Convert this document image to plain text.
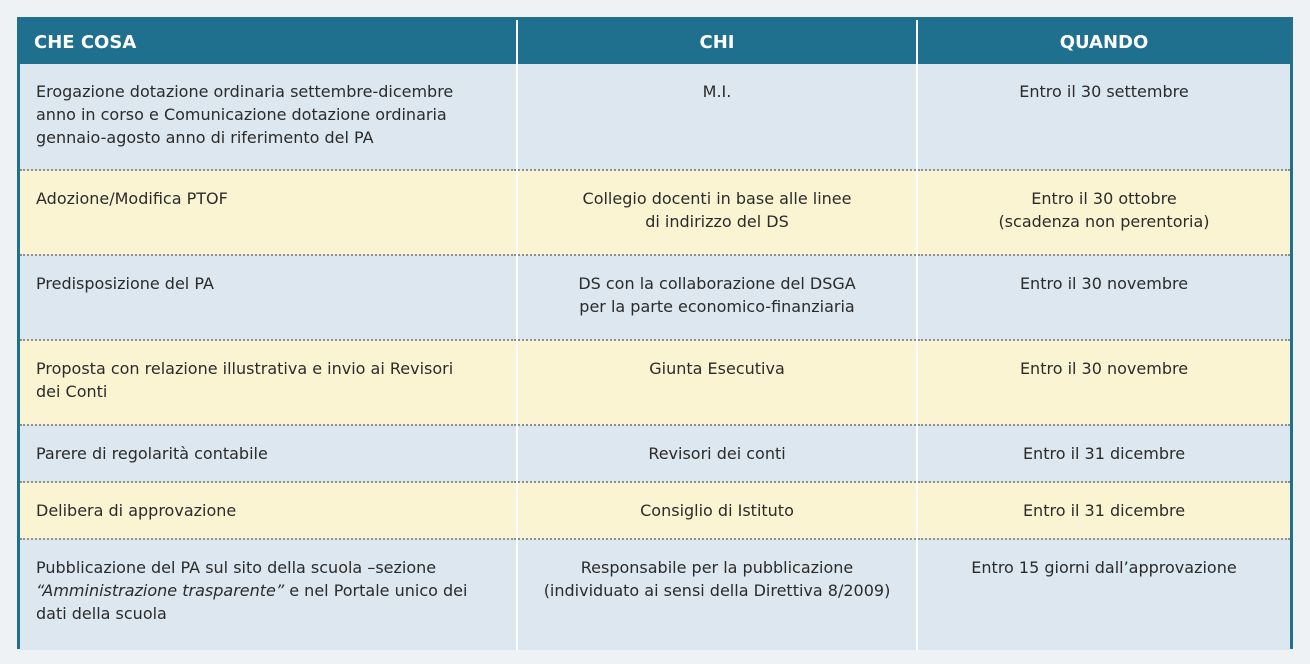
CHE COSA	CHI	QUANDO

Erogazione dotazione ordinaria settembre-dicembre
anno in corso e Comunicazione dotazione ordinaria
gennaio-agosto anno di riferimento del PA	M.I.	Entro il 30 settembre

Adozione/Modifica PTOF	Collegio docenti in base alle linee
di indirizzo del DS	Entro il 30 ottobre
(scadenza non perentoria)

Predisposizione del PA	DS con la collaborazione del DSGA
per la parte economico-finanziaria	Entro il 30 novembre

Proposta con relazione illustrativa e invio ai Revisori
dei Conti	Giunta Esecutiva	Entro il 30 novembre

Parere di regolarità contabile	Revisori dei conti	Entro il 31 dicembre

Delibera di approvazione	Consiglio di Istituto	Entro il 31 dicembre

Pubblicazione del PA sul sito della scuola –sezione
“Amministrazione trasparente” e nel Portale unico dei
dati della scuola	Responsabile per la pubblicazione
(individuato ai sensi della Direttiva 8/2009)	Entro 15 giorni dall’approvazione
